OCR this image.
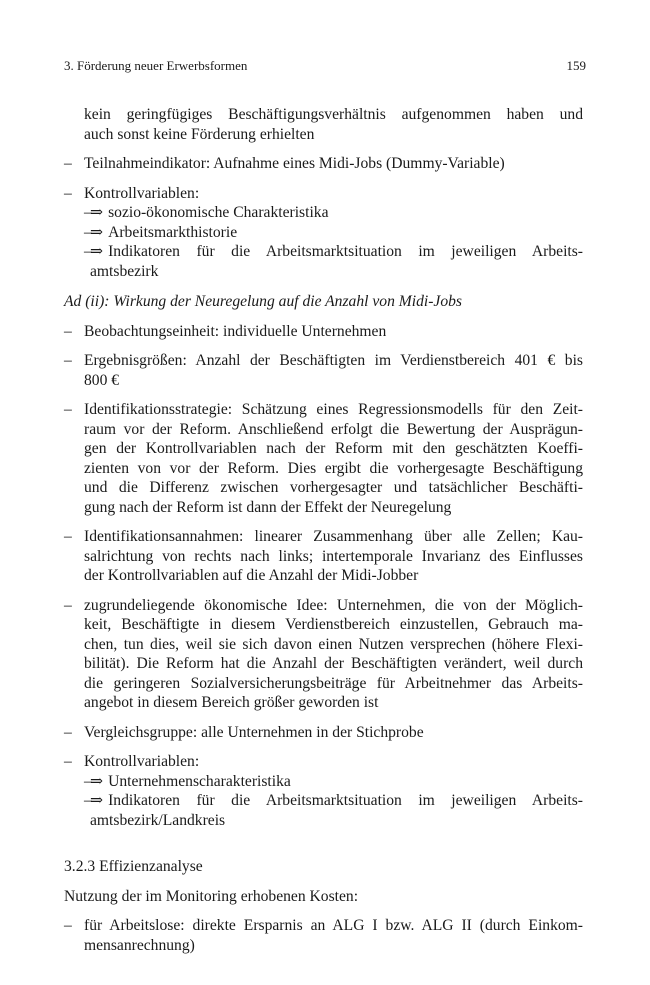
3. Förderung neuer Erwerbsformen	159
kein geringfügiges Beschäftigungsverhältnis aufgenommen haben und
auch sonst keine Förderung erhielten
– Teilnahmeindikator: Aufnahme eines Midi-Jobs (Dummy-Variable)
– Kontrollvariablen:
–
⇒ sozio-ökonomische Charakteristika
–
⇒ Arbeitsmarkthistorie
–
⇒ Indikatoren für die Arbeitsmarktsituation im jeweiligen Arbeits-
amtsbezirk
Ad (ii): Wirkung der Neuregelung auf die Anzahl von Midi-Jobs
– Beobachtungseinheit: individuelle Unternehmen
– Ergebnisgrößen: Anzahl der Beschäftigten im Verdienstbereich 401 € bis
800 €
– Identifikationsstrategie: Schätzung eines Regressionsmodells für den Zeit-
raum vor der Reform. Anschließend erfolgt die Bewertung der Ausprägun-
gen der Kontrollvariablen nach der Reform mit den geschätzten Koeffi-
zienten von vor der Reform. Dies ergibt die vorhergesagte Beschäftigung
und die Differenz zwischen vorhergesagter und tatsächlicher Beschäfti-
gung nach der Reform ist dann der Effekt der Neuregelung
– Identifikationsannahmen: linearer Zusammenhang über alle Zellen; Kau-
salrichtung von rechts nach links; intertemporale Invarianz des Einflusses
der Kontrollvariablen auf die Anzahl der Midi-Jobber
– zugrundeliegende ökonomische Idee: Unternehmen, die von der Möglich-
keit, Beschäftigte in diesem Verdienstbereich einzustellen, Gebrauch ma-
chen, tun dies, weil sie sich davon einen Nutzen versprechen (höhere Flexi-
bilität). Die Reform hat die Anzahl der Beschäftigten verändert, weil durch
die geringeren Sozialversicherungsbeiträge für Arbeitnehmer das Arbeits-
angebot in diesem Bereich größer geworden ist
– Vergleichsgruppe: alle Unternehmen in der Stichprobe
– Kontrollvariablen:
–
⇒ Unternehmenscharakteristika
–
⇒ Indikatoren für die Arbeitsmarktsituation im jeweiligen Arbeits-
amtsbezirk/Landkreis
3.2.3 Effizienzanalyse
Nutzung der im Monitoring erhobenen Kosten:
– für Arbeitslose: direkte Ersparnis an ALG I bzw. ALG II (durch Einkom-
mensanrechnung)
